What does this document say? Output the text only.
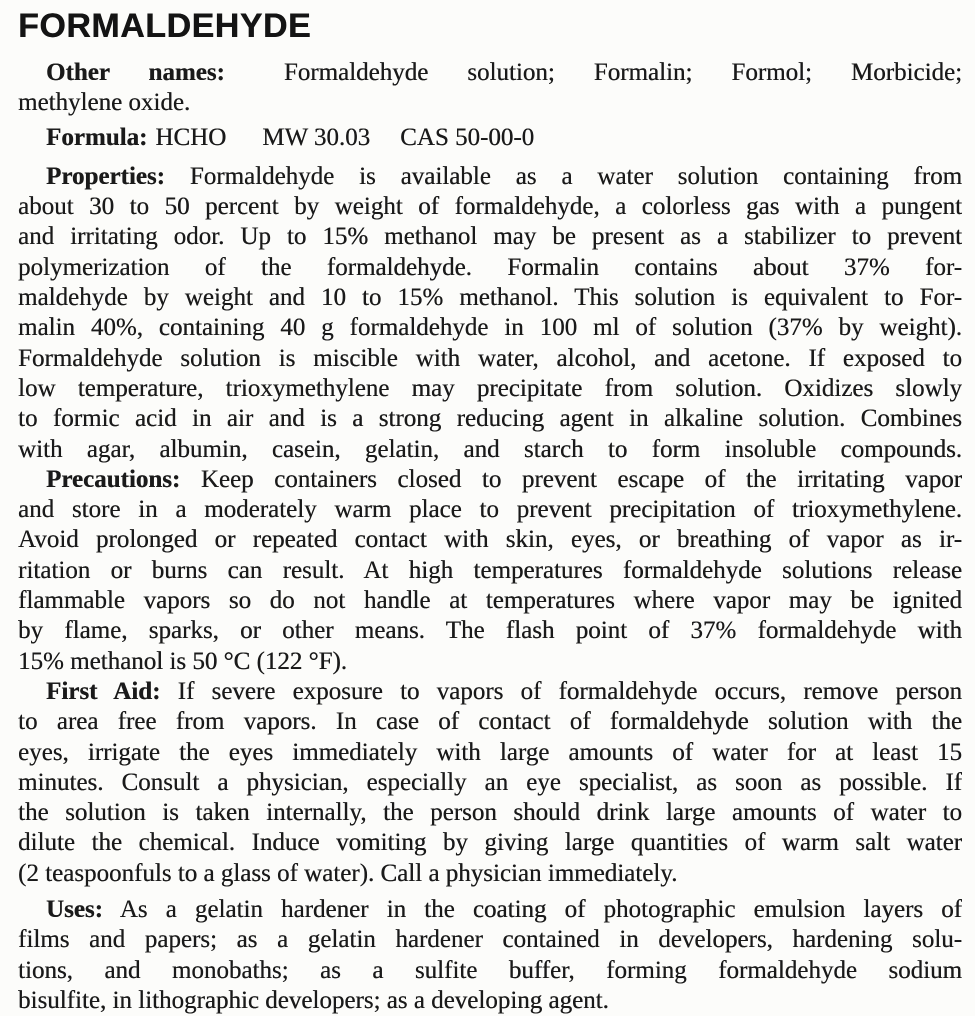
FORMALDEHYDE
Other names: Formaldehyde solution; Formalin; Formol; Morbicide;
methylene oxide.
Formula: HCHO MW 30.03 CAS 50-00-0
Properties: Formaldehyde is available as a water solution containing from
about 30 to 50 percent by weight of formaldehyde, a colorless gas with a pungent
and irritating odor. Up to 15% methanol may be present as a stabilizer to prevent
polymerization of the formaldehyde. Formalin contains about 37% for-
maldehyde by weight and 10 to 15% methanol. This solution is equivalent to For-
malin 40%, containing 40 g formaldehyde in 100 ml of solution (37% by weight).
Formaldehyde solution is miscible with water, alcohol, and acetone. If exposed to
low temperature, trioxymethylene may precipitate from solution. Oxidizes slowly
to formic acid in air and is a strong reducing agent in alkaline solution. Combines
with agar, albumin, casein, gelatin, and starch to form insoluble compounds.
Precautions: Keep containers closed to prevent escape of the irritating vapor
and store in a moderately warm place to prevent precipitation of trioxymethylene.
Avoid prolonged or repeated contact with skin, eyes, or breathing of vapor as ir-
ritation or burns can result. At high temperatures formaldehyde solutions release
flammable vapors so do not handle at temperatures where vapor may be ignited
by flame, sparks, or other means. The flash point of 37% formaldehyde with
15% methanol is 50 °C (122 °F).
First Aid: If severe exposure to vapors of formaldehyde occurs, remove person
to area free from vapors. In case of contact of formaldehyde solution with the
eyes, irrigate the eyes immediately with large amounts of water for at least 15
minutes. Consult a physician, especially an eye specialist, as soon as possible. If
the solution is taken internally, the person should drink large amounts of water to
dilute the chemical. Induce vomiting by giving large quantities of warm salt water
(2 teaspoonfuls to a glass of water). Call a physician immediately.
Uses: As a gelatin hardener in the coating of photographic emulsion layers of
films and papers; as a gelatin hardener contained in developers, hardening solu-
tions, and monobaths; as a sulfite buffer, forming formaldehyde sodium
bisulfite, in lithographic developers; as a developing agent.
